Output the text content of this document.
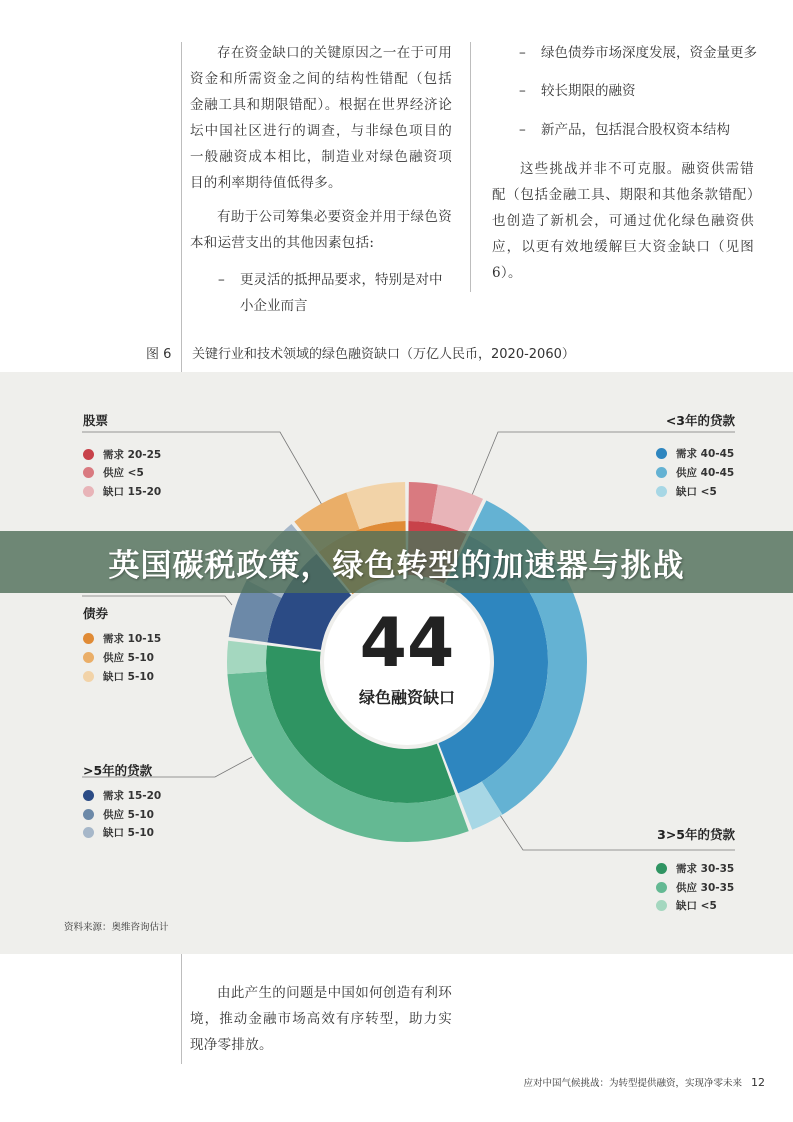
存在资金缺口的关键原因之一在于可用资金和所需资金之间的结构性错配（包括金融工具和期限错配）。根据在世界经济论坛中国社区进行的调查，与非绿色项目的一般融资成本相比，制造业对绿色融资项目的利率期待值低得多。
有助于公司筹集必要资金并用于绿色资本和运营支出的其他因素包括:
– 更灵活的抵押品要求，特别是对中
小企业而言
– 绿色债券市场深度发展，资金量更多
– 较长期限的融资
– 新产品，包括混合股权资本结构
这些挑战并非不可克服。融资供需错配（包括金融工具、期限和其他条款错配）也创造了新机会，可通过优化绿色融资供应，以更有效地缓解巨大资金缺口（见图6）。
图 6 关键行业和技术领域的绿色融资缺口（万亿人民币，2020-2060）
44
绿色融资缺口
股票
需求 20-25
供应 <5
缺口 15-20
<3年的贷款
需求 40-45
供应 40-45
缺口 <5
债券
需求 10-15
供应 5-10
缺口 5-10
>5年的贷款
需求 15-20
供应 5-10
缺口 5-10	3>5年的贷款
需求 30-35
供应 30-35
缺口 <5
资料来源：奥维咨询估计
英国碳税政策，绿色转型的加速器与挑战
由此产生的问题是中国如何创造有利环境，推动金融市场高效有序转型，助力实现净零排放。
应对中国气候挑战：为转型提供融资，实现净零未来 12
